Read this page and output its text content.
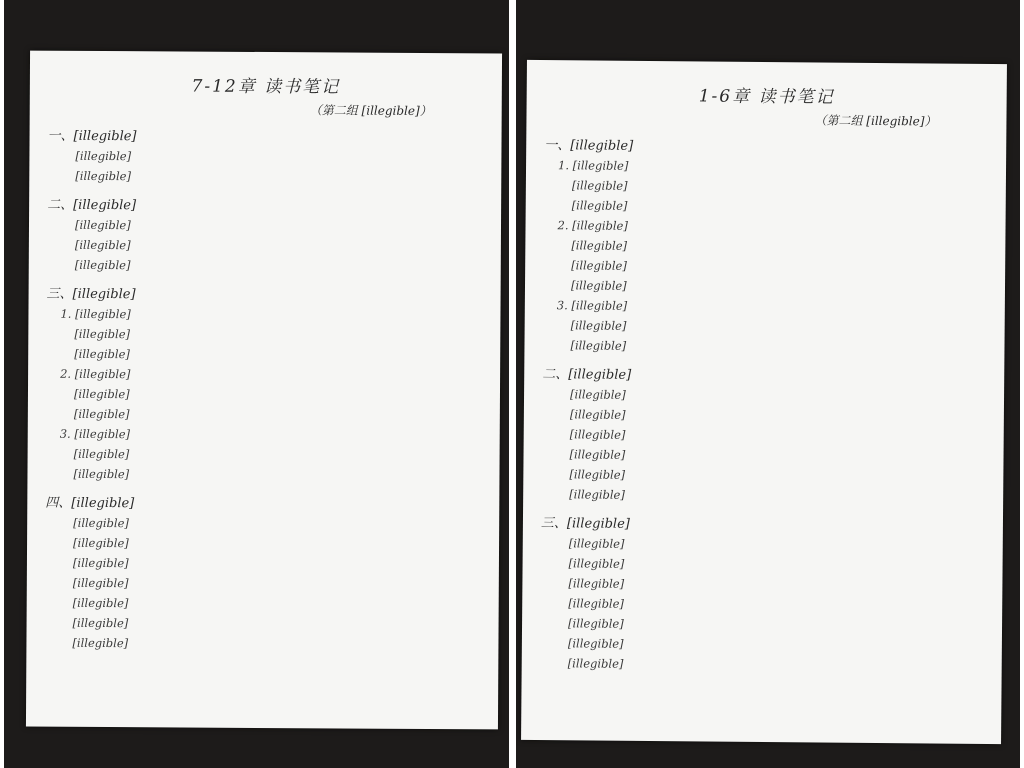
7-12章 读书笔记
（第二组 [illegible]）
一、[illegible]
[illegible]
[illegible]
二、[illegible]
[illegible]
[illegible]
[illegible]
三、[illegible]
1. [illegible]
[illegible]
[illegible]
2. [illegible]
[illegible]
[illegible]
3. [illegible]
[illegible]
[illegible]
四、[illegible]
[illegible]
[illegible]
[illegible]
[illegible]
[illegible]
[illegible]
[illegible]
1-6章 读书笔记
（第二组 [illegible]）
一、[illegible]
1. [illegible]
[illegible]
[illegible]
2. [illegible]
[illegible]
[illegible]
[illegible]
3. [illegible]
[illegible]
[illegible]
二、[illegible]
[illegible]
[illegible]
[illegible]
[illegible]
[illegible]
[illegible]
三、[illegible]
[illegible]
[illegible]
[illegible]
[illegible]
[illegible]
[illegible]
[illegible]
